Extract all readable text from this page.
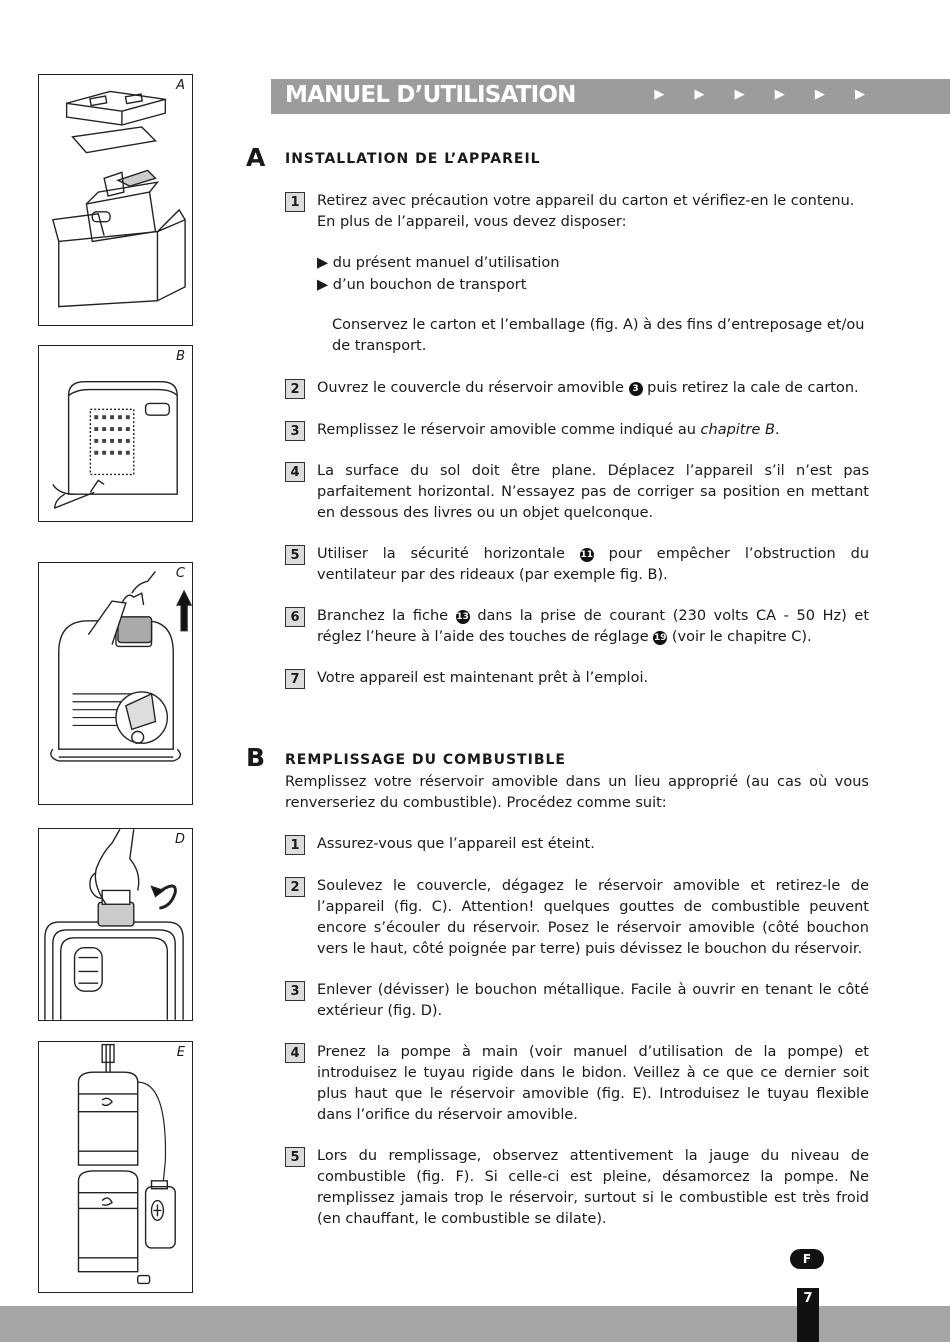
A
B
C
D
E
MANUEL D’UTILISATION	▶ ▶ ▶ ▶ ▶ ▶
A INSTALLATION DE L’APPAREIL
1	Retirez avec précaution votre appareil du carton et vérifiez-en le contenu.
En plus de l’appareil, vous devez disposer:
▶ du présent manuel d’utilisation
▶ d’un bouchon de transport
Conservez le carton et l’emballage (fig. A) à des fins d’entreposage et/ou de transport.
2	Ouvrez le couvercle du réservoir amovible 3 puis retirez la cale de carton.
3	Remplissez le réservoir amovible comme indiqué au chapitre B.
4	La surface du sol doit être plane. Déplacez l’appareil s’il n’est pas parfaitement horizontal. N’essayez pas de corriger sa position en mettant en dessous des livres ou un objet quelconque.
5	Utiliser la sécurité horizontale 11 pour empêcher l’obstruction du ventilateur par des rideaux (par exemple fig. B).
6	Branchez la fiche 13 dans la prise de courant (230 volts CA - 50 Hz) et réglez l’heure à l’aide des touches de réglage 19 (voir le chapitre C).
7	Votre appareil est maintenant prêt à l’emploi.
B REMPLISSAGE DU COMBUSTIBLE
Remplissez votre réservoir amovible dans un lieu approprié (au cas où vous renverseriez du combustible). Procédez comme suit:
1	Assurez-vous que l’appareil est éteint.
2	Soulevez le couvercle, dégagez le réservoir amovible et retirez-le de l’appareil (fig. C). Attention! quelques gouttes de combustible peuvent encore s’écouler du réservoir. Posez le réservoir amovible (côté bouchon vers le haut, côté poignée par terre) puis dévissez le bouchon du réservoir.
3	Enlever (dévisser) le bouchon métallique. Facile à ouvrir en tenant le côté extérieur (fig. D).
4	Prenez la pompe à main (voir manuel d’utilisation de la pompe) et introduisez le tuyau rigide dans le bidon. Veillez à ce que ce dernier soit plus haut que le réservoir amovible (fig. E). Introduisez le tuyau flexible dans l’orifice du réservoir amovible.
5	Lors du remplissage, observez attentivement la jauge du niveau de combustible (fig. F). Si celle-ci est pleine, désamorcez la pompe. Ne remplissez jamais trop le réservoir, surtout si le combustible est très froid (en chauffant, le combustible se dilate).
F
7
